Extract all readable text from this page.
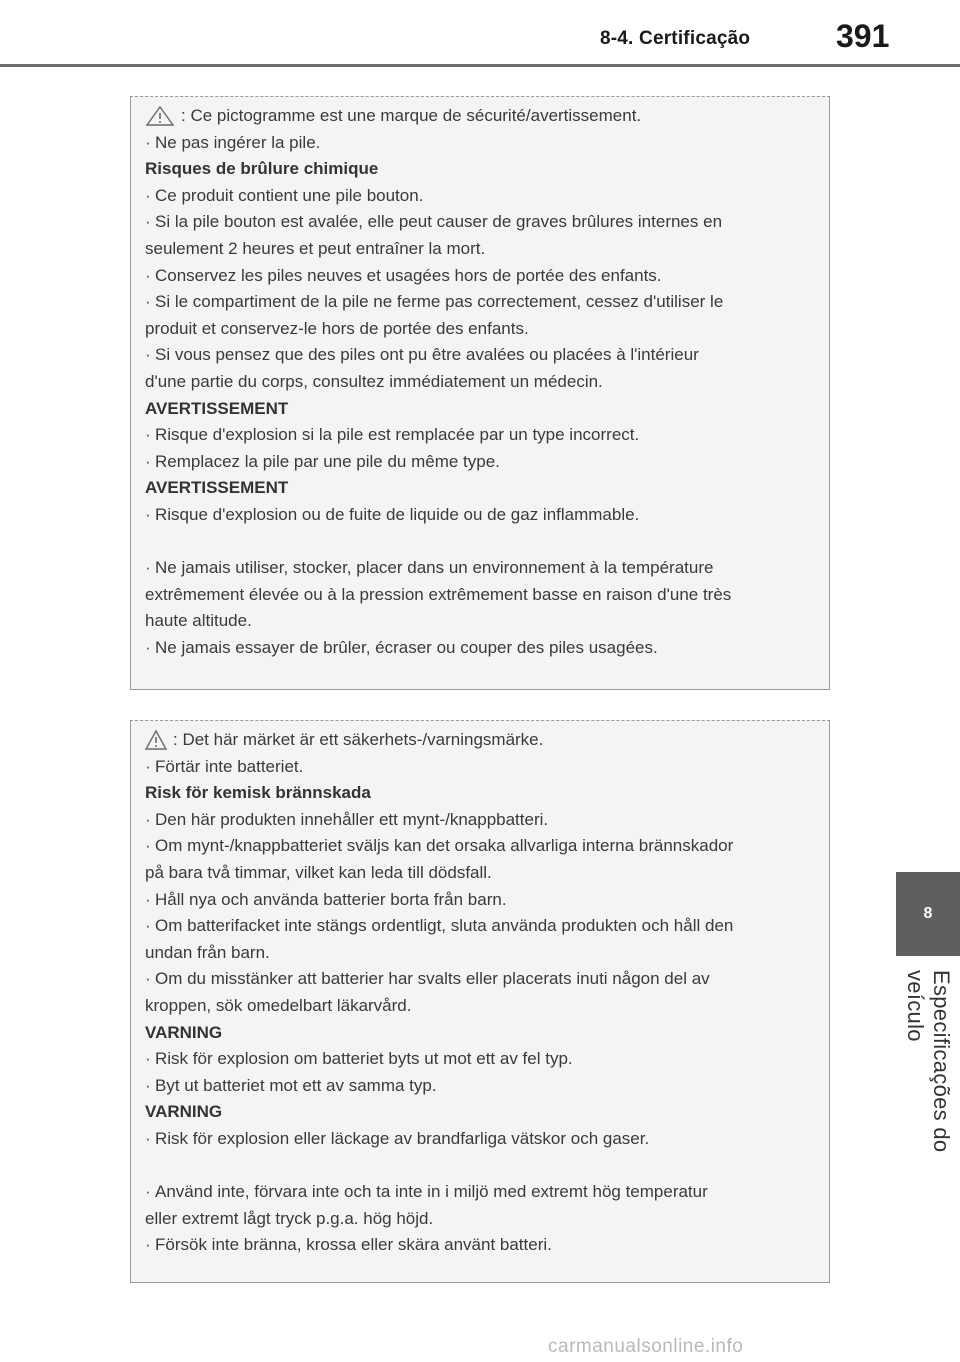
8-4. Certificação	391
8
Especificações do veículo
: Ce pictogramme est une marque de sécurité/avertissement.
· Ne pas ingérer la pile.
Risques de brûlure chimique
· Ce produit contient une pile bouton.
· Si la pile bouton est avalée, elle peut causer de graves brûlures internes en
seulement 2 heures et peut entraîner la mort.
· Conservez les piles neuves et usagées hors de portée des enfants.
· Si le compartiment de la pile ne ferme pas correctement, cessez d'utiliser le
produit et conservez-le hors de portée des enfants.
· Si vous pensez que des piles ont pu être avalées ou placées à l'intérieur
d'une partie du corps, consultez immédiatement un médecin.
AVERTISSEMENT
· Risque d'explosion si la pile est remplacée par un type incorrect.
· Remplacez la pile par une pile du même type.
AVERTISSEMENT
· Risque d'explosion ou de fuite de liquide ou de gaz inflammable.
· Ne jamais utiliser, stocker, placer dans un environnement à la température
extrêmement élevée ou à la pression extrêmement basse en raison d'une très
haute altitude.
· Ne jamais essayer de brûler, écraser ou couper des piles usagées.
: Det här märket är ett säkerhets-/varningsmärke.
· Förtär inte batteriet.
Risk för kemisk brännskada
· Den här produkten innehåller ett mynt-/knappbatteri.
· Om mynt-/knappbatteriet sväljs kan det orsaka allvarliga interna brännskador
på bara två timmar, vilket kan leda till dödsfall.
· Håll nya och använda batterier borta från barn.
· Om batterifacket inte stängs ordentligt, sluta använda produkten och håll den
undan från barn.
· Om du misstänker att batterier har svalts eller placerats inuti någon del av
kroppen, sök omedelbart läkarvård.
VARNING
· Risk för explosion om batteriet byts ut mot ett av fel typ.
· Byt ut batteriet mot ett av samma typ.
VARNING
· Risk för explosion eller läckage av brandfarliga vätskor och gaser.
· Använd inte, förvara inte och ta inte in i miljö med extremt hög temperatur
eller extremt lågt tryck p.g.a. hög höjd.
· Försök inte bränna, krossa eller skära använt batteri.
carmanualsonline.info
